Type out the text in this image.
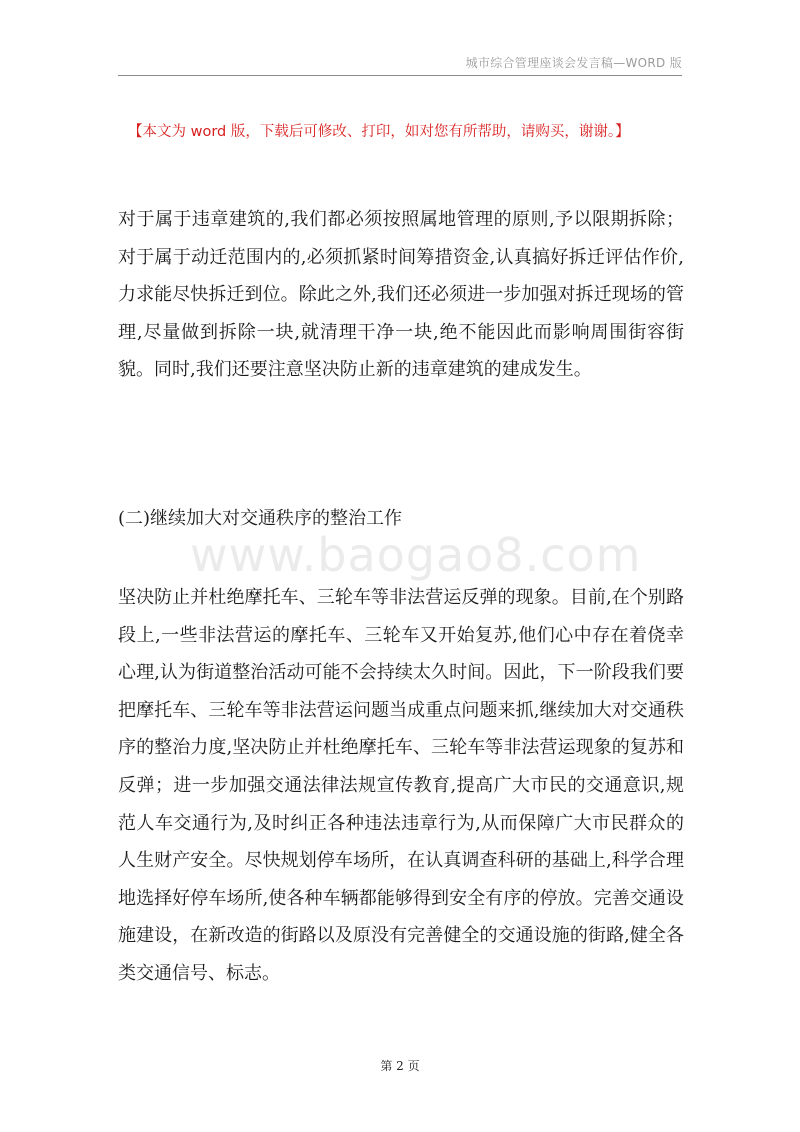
城市综合管理座谈会发言稿—WORD 版
【本文为 word 版，下载后可修改、打印，如对您有所帮助，请购买，谢谢。】
对于属于违章建筑的,我们都必须按照属地管理的原则,予以限期拆除；对于属于动迁范围内的,必须抓紧时间筹措资金,认真搞好拆迁评估作价,力求能尽快拆迁到位。除此之外,我们还必须进一步加强对拆迁现场的管理,尽量做到拆除一块,就清理干净一块,绝不能因此而影响周围街容街貌。同时,我们还要注意坚决防止新的违章建筑的建成发生。
(二)继续加大对交通秩序的整治工作
www.baogao8.com
坚决防止并杜绝摩托车、三轮车等非法营运反弹的现象。目前,在个别路段上,一些非法营运的摩托车、三轮车又开始复苏,他们心中存在着侥幸心理,认为街道整治活动可能不会持续太久时间。因此，下一阶段我们要把摩托车、三轮车等非法营运问题当成重点问题来抓,继续加大对交通秩序的整治力度,坚决防止并杜绝摩托车、三轮车等非法营运现象的复苏和反弹；进一步加强交通法律法规宣传教育,提高广大市民的交通意识,规范人车交通行为,及时纠正各种违法违章行为,从而保障广大市民群众的人生财产安全。尽快规划停车场所，在认真调查科研的基础上,科学合理地选择好停车场所,使各种车辆都能够得到安全有序的停放。完善交通设施建设，在新改造的街路以及原没有完善健全的交通设施的街路,健全各类交通信号、标志。
第 2 页
